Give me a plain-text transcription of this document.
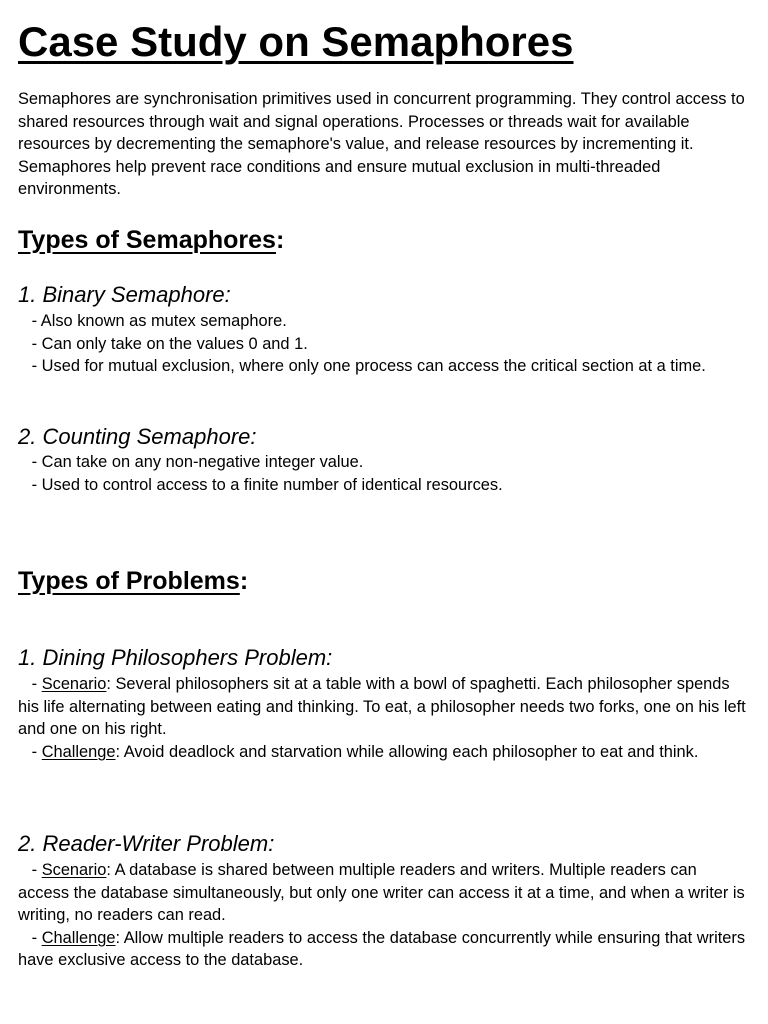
Case Study on Semaphores

Semaphores are synchronisation primitives used in concurrent programming. They control access to shared resources through wait and signal operations. Processes or threads wait for available resources by decrementing the semaphore's value, and release resources by incrementing it. Semaphores help prevent race conditions and ensure mutual exclusion in multi-threaded environments.

Types of Semaphores:
1. Binary Semaphore:

- Also known as mutex semaphore.

- Can only take on the values 0 and 1.

- Used for mutual exclusion, where only one process can access the critical section at a time.

2. Counting Semaphore:

- Can take on any non-negative integer value.

- Used to control access to a finite number of identical resources.

Types of Problems:
1. Dining Philosophers Problem:

- Scenario: Several philosophers sit at a table with a bowl of spaghetti. Each philosopher spends his life alternating between eating and thinking. To eat, a philosopher needs two forks, one on his left and one on his right.

- Challenge: Avoid deadlock and starvation while allowing each philosopher to eat and think.

2. Reader-Writer Problem:

- Scenario: A database is shared between multiple readers and writers. Multiple readers can access the database simultaneously, but only one writer can access it at a time, and when a writer is writing, no readers can read.

- Challenge: Allow multiple readers to access the database concurrently while ensuring that writers have exclusive access to the database.
